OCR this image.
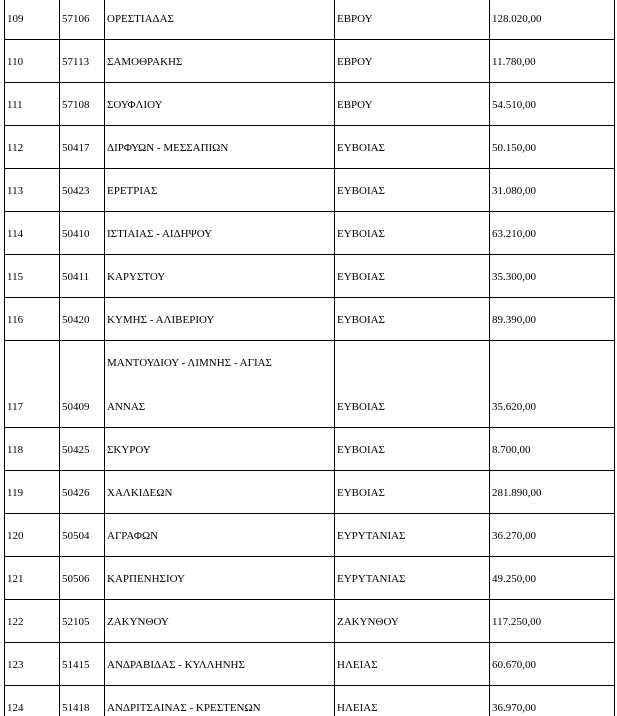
109	57106	ΟΡΕΣΤΙΑΔΑΣ	ΕΒΡΟΥ	128.020,00

110	57113	ΣΑΜΟΘΡΑΚΗΣ	ΕΒΡΟΥ	11.780,00

111	57108	ΣΟΥΦΛΙΟΥ	ΕΒΡΟΥ	54.510,00

112	50417	ΔΙΡΦΥΩΝ - ΜΕΣΣΑΠΙΩΝ	ΕΥΒΟΙΑΣ	50.150,00

113	50423	ΕΡΕΤΡΙΑΣ	ΕΥΒΟΙΑΣ	31.080,00

114	50410	ΙΣΤΙΑΙΑΣ - ΑΙΔΗΨΟΥ	ΕΥΒΟΙΑΣ	63.210,00

115	50411	ΚΑΡΥΣΤΟΥ	ΕΥΒΟΙΑΣ	35.300,00

116	50420	ΚΥΜΗΣ - ΑΛΙΒΕΡΙΟΥ	ΕΥΒΟΙΑΣ	89.390,00

117	50409	ΜΑΝΤΟΥΔΙΟΥ - ΛΙΜΝΗΣ - ΑΓΙΑΣ
ΑΝΝΑΣ	ΕΥΒΟΙΑΣ	35.620,00

118	50425	ΣΚΥΡΟΥ	ΕΥΒΟΙΑΣ	8.700,00

119	50426	ΧΑΛΚΙΔΕΩΝ	ΕΥΒΟΙΑΣ	281.890,00

120	50504	ΑΓΡΑΦΩΝ	ΕΥΡΥΤΑΝΙΑΣ	36.270,00

121	50506	ΚΑΡΠΕΝΗΣΙΟΥ	ΕΥΡΥΤΑΝΙΑΣ	49.250,00

122	52105	ΖΑΚΥΝΘΟΥ	ΖΑΚΥΝΘΟΥ	117.250,00

123	51415	ΑΝΔΡΑΒΙΔΑΣ - ΚΥΛΛΗΝΗΣ	ΗΛΕΙΑΣ	60.670,00

124	51418	ΑΝΔΡΙΤΣΑΙΝΑΣ - ΚΡΕΣΤΕΝΩΝ	ΗΛΕΙΑΣ	36.970,00
